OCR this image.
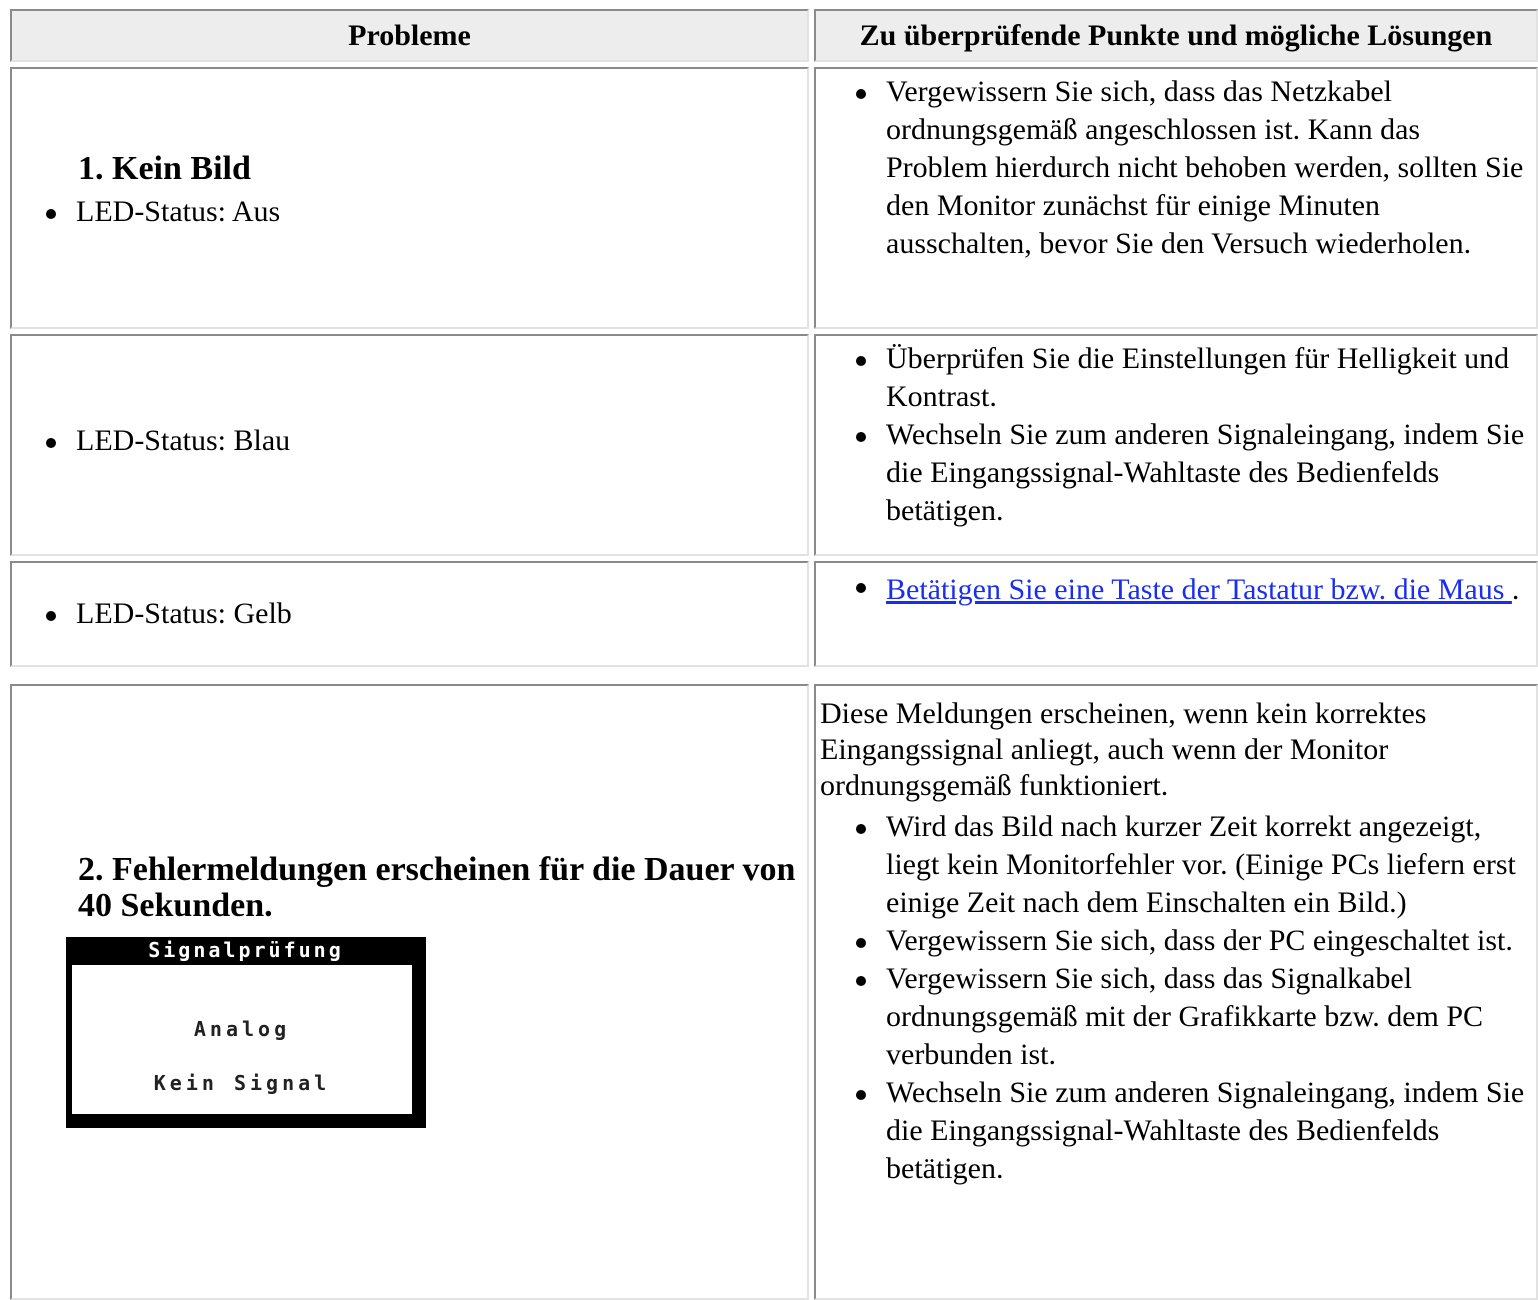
Probleme	Zu überprüfende Punkte und mögliche Lösungen
1. Kein Bild
LED-Status: Aus
Vergewissern Sie sich, dass das Netzkabel ordnungsgemäß angeschlossen ist. Kann das Problem hierdurch nicht behoben werden, sollten Sie den Monitor zunächst für einige Minuten ausschalten, bevor Sie den Versuch wiederholen.
LED-Status: Blau
Überprüfen Sie die Einstellungen für Helligkeit und Kontrast.
Wechseln Sie zum anderen Signaleingang, indem Sie die Eingangssignal-Wahltaste des Bedienfelds betätigen.
LED-Status: Gelb
Betätigen Sie eine Taste der Tastatur bzw. die Maus .
2. Fehlermeldungen erscheinen für die Dauer von 40 Sekunden.
Diese Meldungen erscheinen, wenn kein korrektes Eingangssignal anliegt, auch wenn der Monitor ordnungsgemäß funktioniert.
Wird das Bild nach kurzer Zeit korrekt angezeigt, liegt kein Monitorfehler vor. (Einige PCs liefern erst einige Zeit nach dem Einschalten ein Bild.)
Vergewissern Sie sich, dass der PC eingeschaltet ist.
Vergewissern Sie sich, dass das Signalkabel ordnungsgemäß mit der Grafikkarte bzw. dem PC verbunden ist.
Wechseln Sie zum anderen Signaleingang, indem Sie die Eingangssignal-Wahltaste des Bedienfelds betätigen.
Signalprüfung
Analog
Kein Signal
